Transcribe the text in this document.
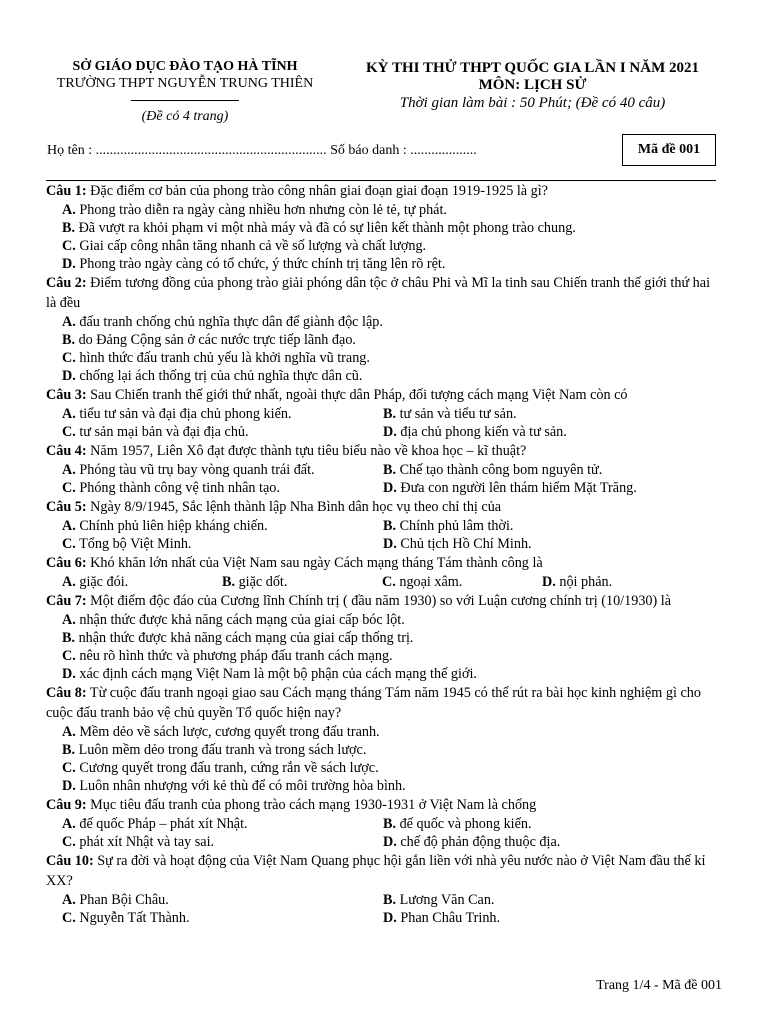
SỞ GIÁO DỤC ĐÀO TẠO HÀ TĨNH
TRƯỜNG THPT NGUYỄN TRUNG THIÊN
(Đề có 4 trang)
KỲ THI THỬ THPT QUỐC GIA LẦN I NĂM 2021
MÔN: LỊCH SỬ
Thời gian làm bài : 50 Phút; (Đề có 40 câu)
Họ tên : .................................................................. Số báo danh : ...................	Mã đề 001
Câu 1: Đặc điểm cơ bản của phong trào công nhân giai đoạn giai đoạn 1919-1925 là gì?
A. Phong trào diễn ra ngày càng nhiều hơn nhưng còn lẻ tẻ, tự phát.
B. Đã vượt ra khỏi phạm vi một nhà máy và đã có sự liên kết thành một phong trào chung.
C. Giai cấp công nhân tăng nhanh cả về số lượng và chất lượng.
D. Phong trào ngày càng có tổ chức, ý thức chính trị tăng lên rõ rệt.
Câu 2: Điểm tương đồng của phong trào giải phóng dân tộc ở châu Phi và Mĩ la tinh sau Chiến tranh thế giới thứ hai là đều
A. đấu tranh chống chủ nghĩa thực dân để giành độc lập.
B. do Đảng Cộng sản ở các nước trực tiếp lãnh đạo.
C. hình thức đấu tranh chủ yếu là khởi nghĩa vũ trang.
D. chống lại ách thống trị của chủ nghĩa thực dân cũ.
Câu 3: Sau Chiến tranh thế giới thứ nhất, ngoài thực dân Pháp, đối tượng cách mạng Việt Nam còn có
A. tiểu tư sản và đại địa chủ phong kiến.	B. tư sản và tiểu tư sản.
C. tư sản mại bản và đại địa chủ.	D. địa chủ phong kiến và tư sản.
Câu 4: Năm 1957, Liên Xô đạt được thành tựu tiêu biểu nào về khoa học – kĩ thuật?
A. Phóng tàu vũ trụ bay vòng quanh trái đất.	B. Chế tạo thành công bom nguyên tử.
C. Phóng thành công vệ tinh nhân tạo.	D. Đưa con người lên thám hiểm Mặt Trăng.
Câu 5: Ngày 8/9/1945, Sắc lệnh thành lập Nha Bình dân học vụ theo chỉ thị của
A. Chính phủ liên hiệp kháng chiến.	B. Chính phủ lâm thời.
C. Tổng bộ Việt Minh.	D. Chủ tịch Hồ Chí Minh.
Câu 6: Khó khăn lớn nhất của Việt Nam sau ngày Cách mạng tháng Tám thành công là
A. giặc đói.	B. giặc dốt.	C. ngoại xâm.	D. nội phản.
Câu 7: Một điểm độc đáo của Cương lĩnh Chính trị ( đầu năm 1930) so với Luận cương chính trị (10/1930) là
A. nhận thức được khả năng cách mạng của giai cấp bóc lột.
B. nhận thức được khả năng cách mạng của giai cấp thống trị.
C. nêu rõ hình thức và phương pháp đấu tranh cách mạng.
D. xác định cách mạng Việt Nam là một bộ phận của cách mạng thế giới.
Câu 8: Từ cuộc đấu tranh ngoại giao sau Cách mạng tháng Tám năm 1945 có thể rút ra bài học kinh nghiệm gì cho cuộc đấu tranh bảo vệ chủ quyền Tổ quốc hiện nay?
A. Mềm dẻo về sách lược, cương quyết trong đấu tranh.
B. Luôn mềm dẻo trong đấu tranh và trong sách lược.
C. Cương quyết trong đấu tranh, cứng rắn về sách lược.
D. Luôn nhân nhượng với kẻ thù để có môi trường hòa bình.
Câu 9: Mục tiêu đấu tranh của phong trào cách mạng 1930-1931 ở Việt Nam là chống
A. đế quốc Pháp – phát xít Nhật.	B. đế quốc và phong kiến.
C. phát xít Nhật và tay sai.	D. chế độ phản động thuộc địa.
Câu 10: Sự ra đời và hoạt động của Việt Nam Quang phục hội gắn liền với nhà yêu nước nào ở Việt Nam đầu thế kỉ XX?
A. Phan Bội Châu.	B. Lương Văn Can.
C. Nguyễn Tất Thành.	D. Phan Châu Trinh.
Trang 1/4 - Mã đề 001
